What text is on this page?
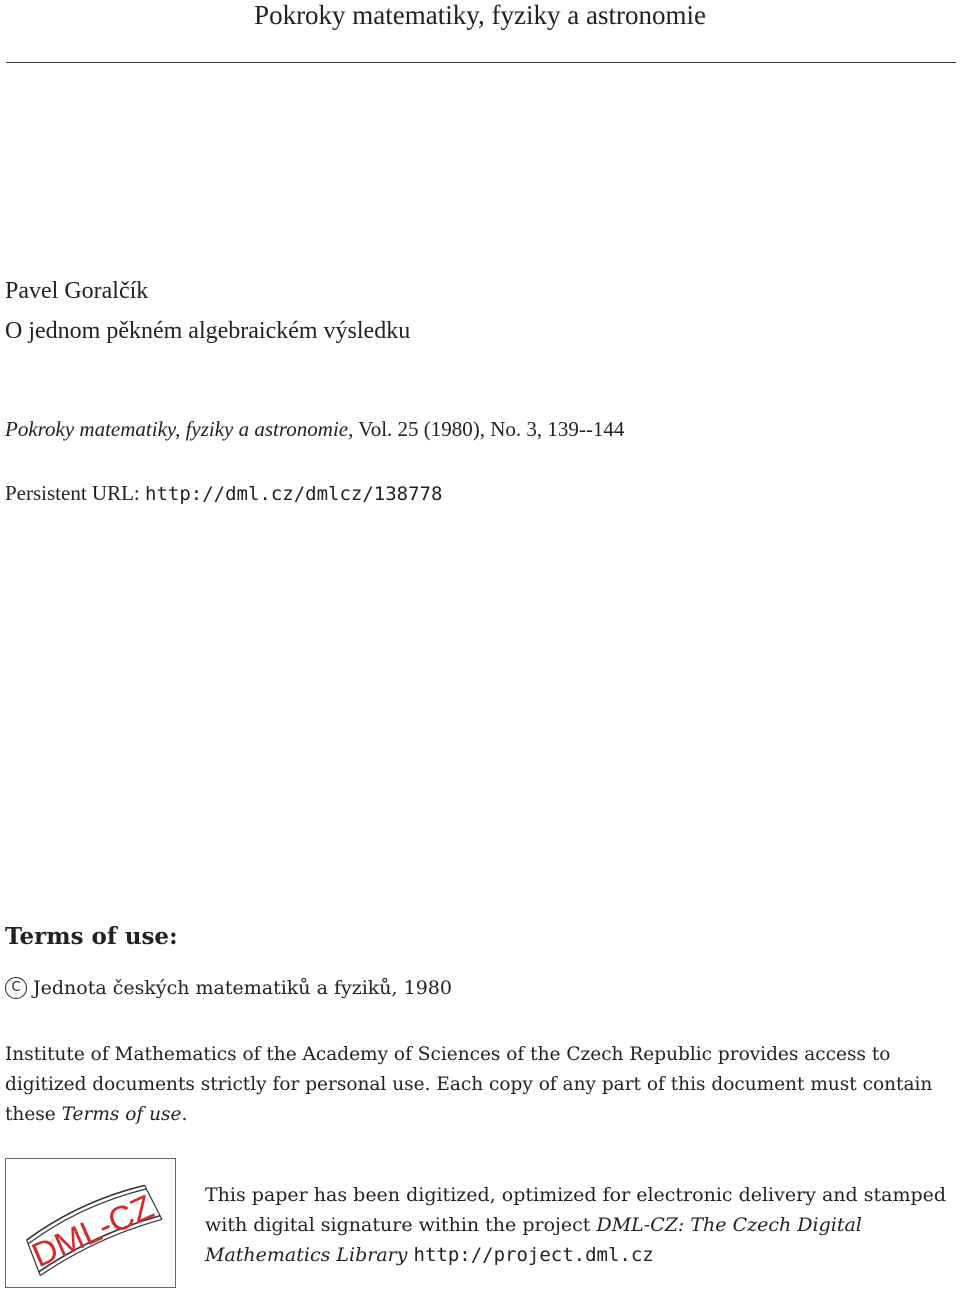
Pokroky matematiky, fyziky a astronomie
Pavel Goralčík
O jednom pěkném algebraickém výsledku
Pokroky matematiky, fyziky a astronomie, Vol. 25 (1980), No. 3, 139--144
Persistent URL: http://dml.cz/dmlcz/138778
Terms of use:
C Jednota českých matematiků a fyziků, 1980
Institute of Mathematics of the Academy of Sciences of the Czech Republic provides access to digitized documents strictly for personal use. Each copy of any part of this document must contain these Terms of use.
DML-CZ This paper has been digitized, optimized for electronic delivery and stamped with digital signature within the project DML-CZ: The Czech Digital Mathematics Library http://project.dml.cz
